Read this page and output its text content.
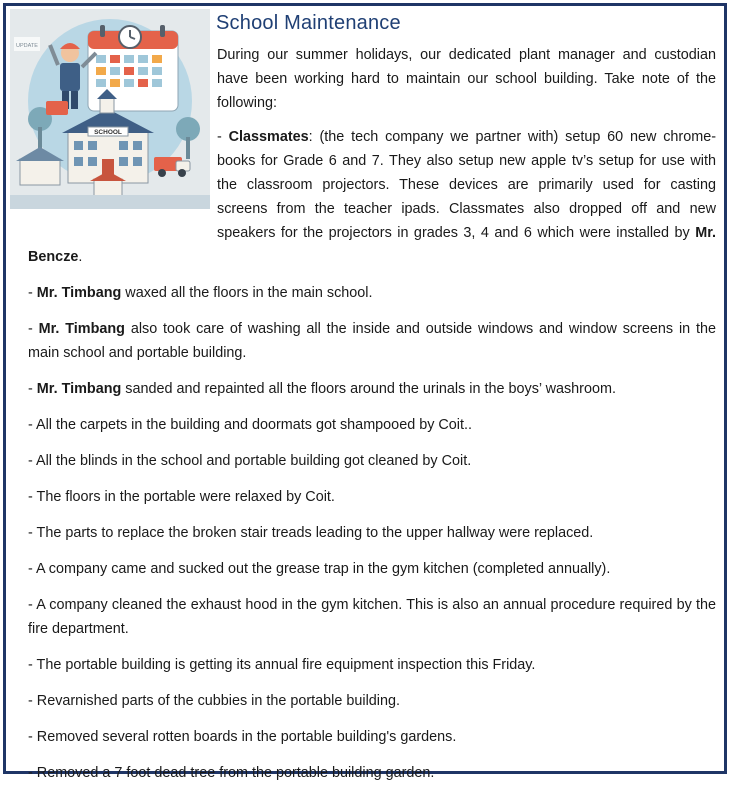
SCHOOL
UPDATE
School Maintenance

During our summer holidays, our dedicated plant manager and custodian have been working hard to maintain our school building. Take note of the following:

- Classmates: (the tech company we partner with) setup 60 new chrome-books for Grade 6 and 7. They also setup new apple tv’s setup for use with the classroom projectors. These devices are primarily used for casting screens from the teacher ipads. Classmates also dropped off and new speakers for the projectors in grades 3, 4 and 6 which were installed by Mr. Bencze.

- Mr. Timbang waxed all the floors in the main school.

- Mr. Timbang also took care of washing all the inside and outside windows and window screens in the main school and portable building.

- Mr. Timbang sanded and repainted all the floors around the urinals in the boys’ washroom.

- All the carpets in the building and doormats got shampooed by Coit..

- All the blinds in the school and portable building got cleaned by Coit.

- The floors in the portable were relaxed by Coit.

- The parts to replace the broken stair treads leading to the upper hallway were replaced.

- A company came and sucked out the grease trap in the gym kitchen (completed annually).

- A company cleaned the exhaust hood in the gym kitchen. This is also an annual procedure required by the fire department.

- The portable building is getting its annual fire equipment inspection this Friday.

- Revarnished parts of the cubbies in the portable building.

- Removed several rotten boards in the portable building's gardens.

- Removed a 7 foot dead tree from the portable building garden.
